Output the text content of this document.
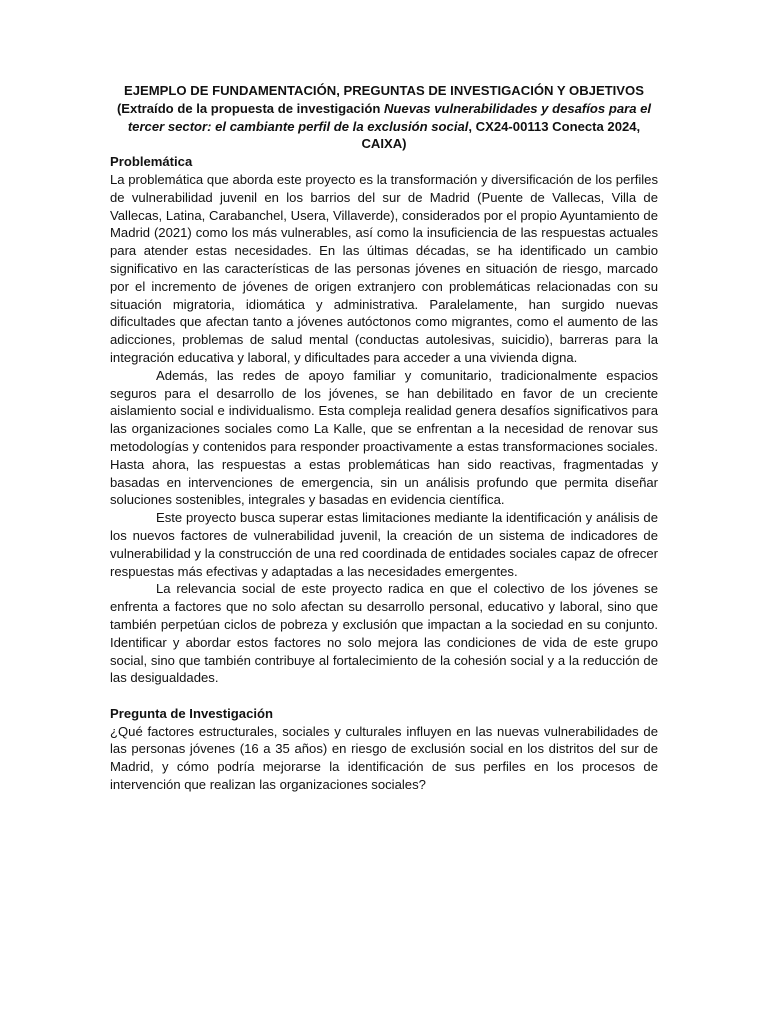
EJEMPLO DE FUNDAMENTACIÓN, PREGUNTAS DE INVESTIGACIÓN Y OBJETIVOS

(Extraído de la propuesta de investigación Nuevas vulnerabilidades y desafíos para el tercer sector: el cambiante perfil de la exclusión social, CX24-00113 Conecta 2024, CAIXA)

Problemática

La problemática que aborda este proyecto es la transformación y diversificación de los perfiles de vulnerabilidad juvenil en los barrios del sur de Madrid (Puente de Vallecas, Villa de Vallecas, Latina, Carabanchel, Usera, Villaverde), considerados por el propio Ayuntamiento de Madrid (2021) como los más vulnerables, así como la insuficiencia de las respuestas actuales para atender estas necesidades. En las últimas décadas, se ha identificado un cambio significativo en las características de las personas jóvenes en situación de riesgo, marcado por el incremento de jóvenes de origen extranjero con problemáticas relacionadas con su situación migratoria, idiomática y administrativa. Paralelamente, han surgido nuevas dificultades que afectan tanto a jóvenes autóctonos como migrantes, como el aumento de las adicciones, problemas de salud mental (conductas autolesivas, suicidio), barreras para la integración educativa y laboral, y dificultades para acceder a una vivienda digna.

Además, las redes de apoyo familiar y comunitario, tradicionalmente espacios seguros para el desarrollo de los jóvenes, se han debilitado en favor de un creciente aislamiento social e individualismo. Esta compleja realidad genera desafíos significativos para las organizaciones sociales como La Kalle, que se enfrentan a la necesidad de renovar sus metodologías y contenidos para responder proactivamente a estas transformaciones sociales. Hasta ahora, las respuestas a estas problemáticas han sido reactivas, fragmentadas y basadas en intervenciones de emergencia, sin un análisis profundo que permita diseñar soluciones sostenibles, integrales y basadas en evidencia científica.

Este proyecto busca superar estas limitaciones mediante la identificación y análisis de los nuevos factores de vulnerabilidad juvenil, la creación de un sistema de indicadores de vulnerabilidad y la construcción de una red coordinada de entidades sociales capaz de ofrecer respuestas más efectivas y adaptadas a las necesidades emergentes.

La relevancia social de este proyecto radica en que el colectivo de los jóvenes se enfrenta a factores que no solo afectan su desarrollo personal, educativo y laboral, sino que también perpetúan ciclos de pobreza y exclusión que impactan a la sociedad en su conjunto. Identificar y abordar estos factores no solo mejora las condiciones de vida de este grupo social, sino que también contribuye al fortalecimiento de la cohesión social y a la reducción de las desigualdades.

Pregunta de Investigación

¿Qué factores estructurales, sociales y culturales influyen en las nuevas vulnerabilidades de las personas jóvenes (16 a 35 años) en riesgo de exclusión social en los distritos del sur de Madrid, y cómo podría mejorarse la identificación de sus perfiles en los procesos de intervención que realizan las organizaciones sociales?
